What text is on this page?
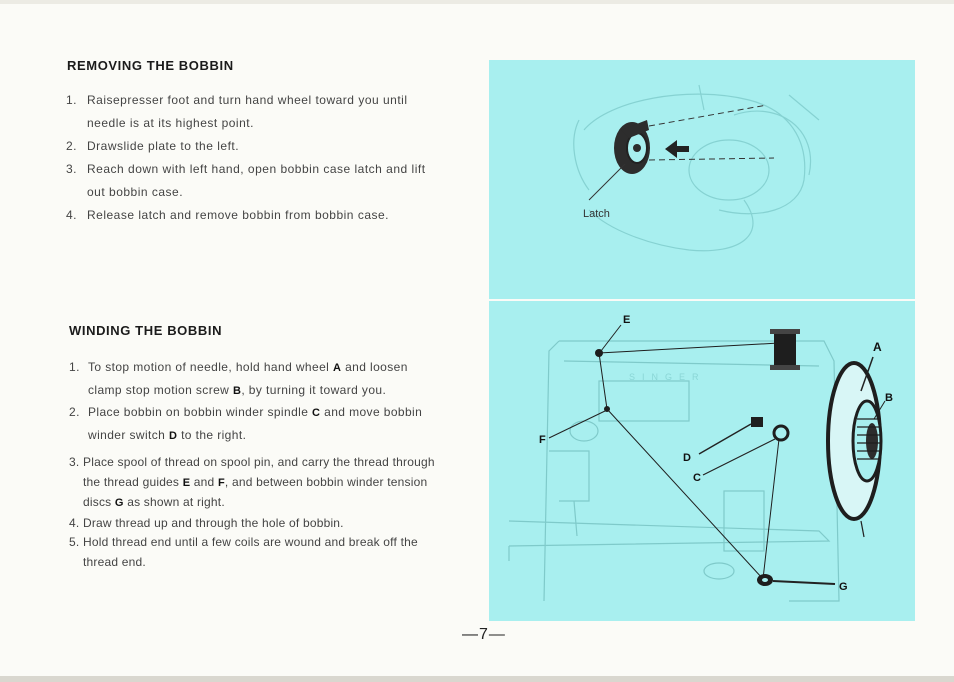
REMOVING THE BOBBIN
1. Raisepresser foot and turn hand wheel toward you until needle is at its highest point.
2. Drawslide plate to the left.
3. Reach down with left hand, open bobbin case latch and lift out bobbin case.
4. Release latch and remove bobbin from bobbin case.
WINDING THE BOBBIN
1. To stop motion of needle, hold hand wheel A and loosen clamp stop motion screw B, by turning it toward you.
2. Place bobbin on bobbin winder spindle C and move bobbin winder switch D to the right.
3. Place spool of thread on spool pin, and carry the thread through the thread guides E and F, and between bobbin winder tension discs G as shown at right.
4. Draw thread up and through the hole of bobbin.
5. Hold thread end until a few coils are wound and break off the thread end.
—7—
Latch
SINGER
E
F
D
C
G
A
B
